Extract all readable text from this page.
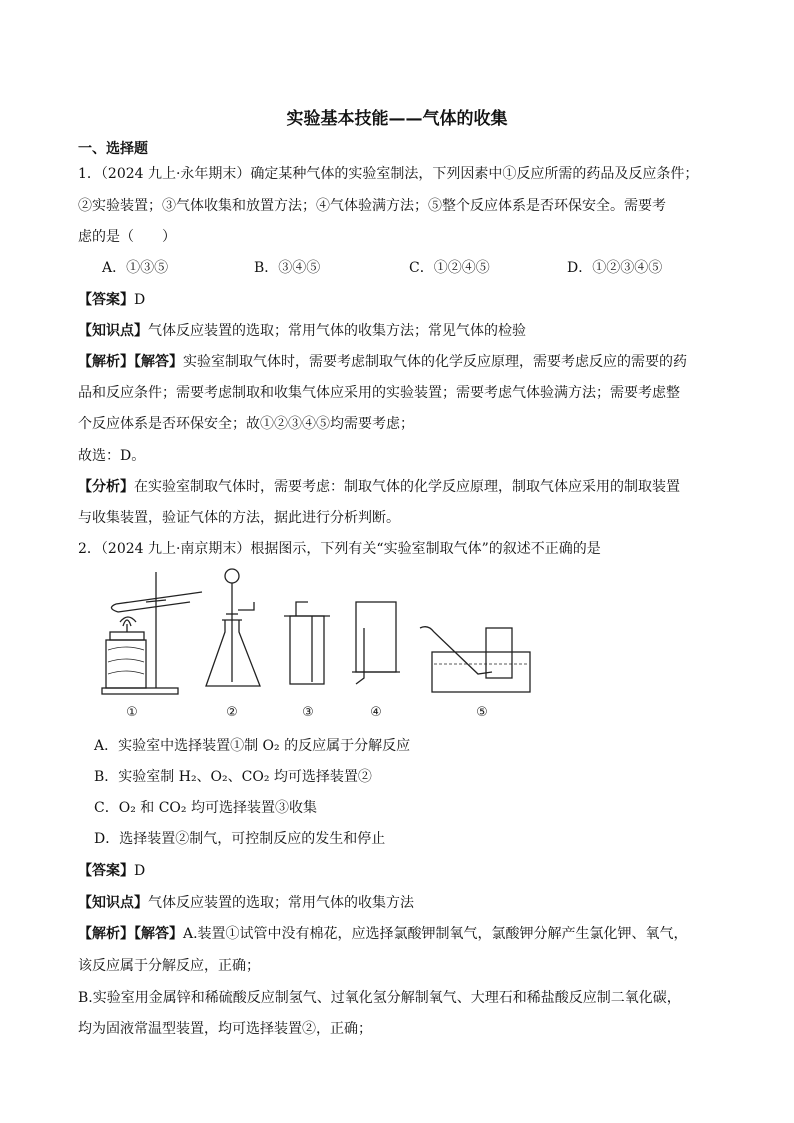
实验基本技能——气体的收集
一、选择题
1．（2024 九上·永年期末）确定某种气体的实验室制法，下列因素中①反应所需的药品及反应条件；
②实验装置；③气体收集和放置方法；④气体验满方法；⑤整个反应体系是否环保安全。需要考
虑的是（　　）
A．①③⑤	B．③④⑤	C．①②④⑤	D．①②③④⑤
【答案】D
【知识点】气体反应装置的选取；常用气体的收集方法；常见气体的检验
【解析】【解答】实验室制取气体时，需要考虑制取气体的化学反应原理，需要考虑反应的需要的药
品和反应条件；需要考虑制取和收集气体应采用的实验装置；需要考虑气体验满方法；需要考虑整
个反应体系是否环保安全；故①②③④⑤均需要考虑；
故选：D。
【分析】在实验室制取气体时，需要考虑：制取气体的化学反应原理，制取气体应采用的制取装置
与收集装置，验证气体的方法，据此进行分析判断。
2．（2024 九上·南京期末）根据图示，下列有关“实验室制取气体”的叙述不正确的是
①	②	③	④	⑤
A．实验室中选择装置①制 O₂ 的反应属于分解反应
B．实验室制 H₂、O₂、CO₂ 均可选择装置②
C．O₂ 和 CO₂ 均可选择装置③收集
D．选择装置②制气，可控制反应的发生和停止
【答案】D
【知识点】气体反应装置的选取；常用气体的收集方法
【解析】【解答】A.装置①试管中没有棉花，应选择氯酸钾制氧气，氯酸钾分解产生氯化钾、氧气，
该反应属于分解反应，正确；
B.实验室用金属锌和稀硫酸反应制氢气、过氧化氢分解制氧气、大理石和稀盐酸反应制二氧化碳，
均为固液常温型装置，均可选择装置②，正确；
